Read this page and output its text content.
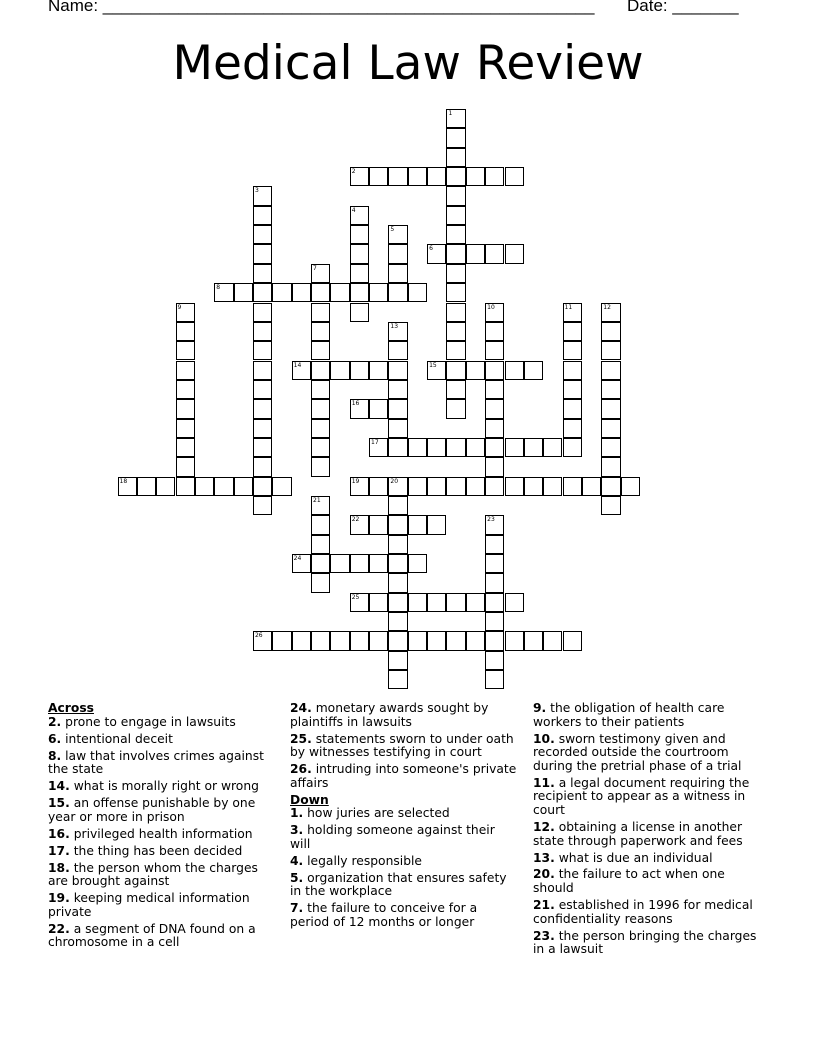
Name: ____________________________________________________ Date: _______
Medical Law Review
1
2
3
4
5
6
7
8
9	10	11	12
13
14	15
16
17
18	19	20
21
22	23
24
25
26

Across

2. prone to engage in lawsuits

6. intentional deceit

8. law that involves crimes against the state

14. what is morally right or wrong

15. an offense punishable by one year or more in prison

16. privileged health information

17. the thing has been decided

18. the person whom the charges are brought against

19. keeping medical information private

22. a segment of DNA found on a chromosome in a cell

24. monetary awards sought by plaintiffs in lawsuits

25. statements sworn to under oath by witnesses testifying in court

26. intruding into someone's private affairs

Down

1. how juries are selected

3. holding someone against their will

4. legally responsible

5. organization that ensures safety in the workplace

7. the failure to conceive for a period of 12 months or longer

9. the obligation of health care workers to their patients

10. sworn testimony given and recorded outside the courtroom during the pretrial phase of a trial

11. a legal document requiring the recipient to appear as a witness in court

12. obtaining a license in another state through paperwork and fees

13. what is due an individual

20. the failure to act when one should

21. established in 1996 for medical confidentiality reasons

23. the person bringing the charges in a lawsuit
